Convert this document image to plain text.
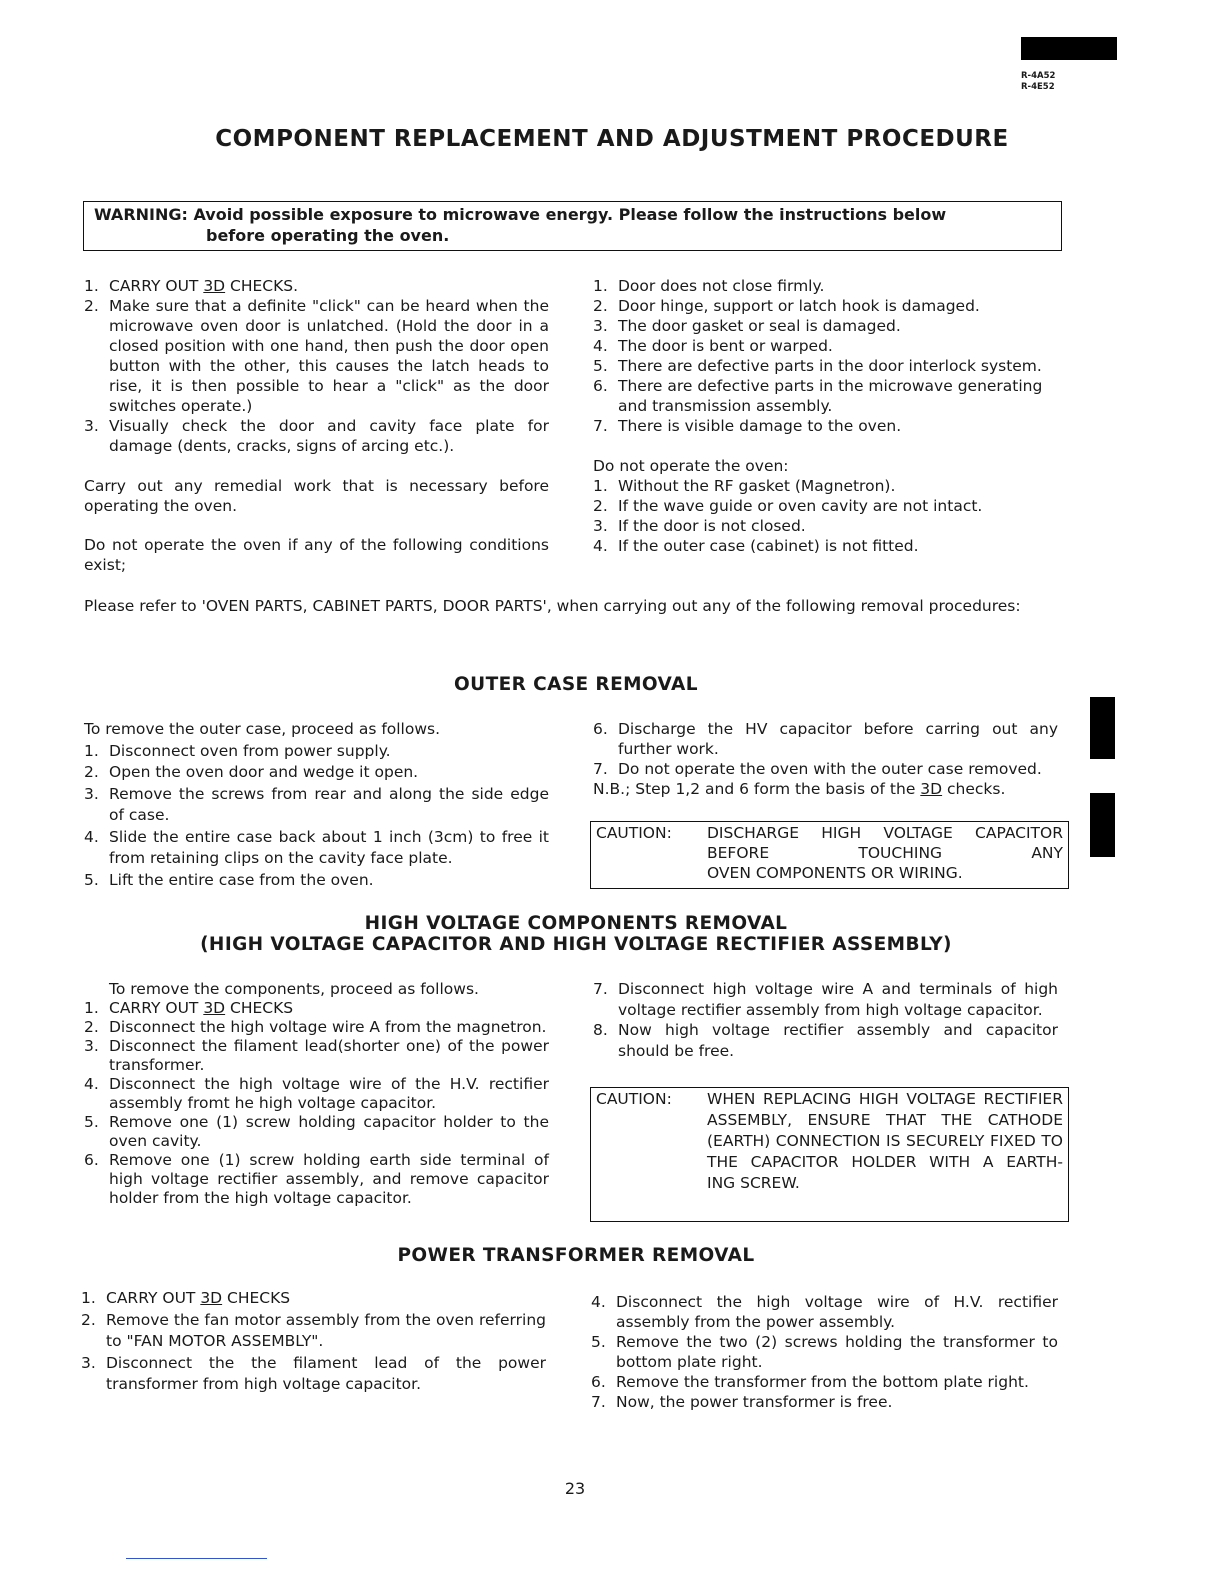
R-4A52
R-4E52
COMPONENT REPLACEMENT AND ADJUSTMENT PROCEDURE
WARNING: Avoid possible exposure to microwave energy. Please follow the instructions below
before operating the oven.
1. CARRY OUT 3D CHECKS.
2. Make sure that a definite "click" can be heard when the microwave oven door is unlatched. (Hold the door in a closed position with one hand, then push the door open button with the other, this causes the latch heads to rise, it is then possible to hear a "click" as the door switches operate.)
3. Visually check the door and cavity face plate for damage (dents, cracks, signs of arcing etc.).

Carry out any remedial work that is necessary before operating the oven.

Do not operate the oven if any of the following conditions exist;

1. Door does not close firmly.
2. Door hinge, support or latch hook is damaged.
3. The door gasket or seal is damaged.
4. The door is bent or warped.
5. There are defective parts in the door interlock system.
6. There are defective parts in the microwave generating and transmission assembly.
7. There is visible damage to the oven.

Do not operate the oven:

1. Without the RF gasket (Magnetron).
2. If the wave guide or oven cavity are not intact.
3. If the door is not closed.
4. If the outer case (cabinet) is not fitted.

Please refer to 'OVEN PARTS, CABINET PARTS, DOOR PARTS', when carrying out any of the following removal procedures:

OUTER CASE REMOVAL

To remove the outer case, proceed as follows.

1. Disconnect oven from power supply.
2. Open the oven door and wedge it open.
3. Remove the screws from rear and along the side edge of case.
4. Slide the entire case back about 1 inch (3cm) to free it from retaining clips on the cavity face plate.
5. Lift the entire case from the oven.
6. Discharge the HV capacitor before carring out any further work.
7. Do not operate the oven with the outer case removed.

N.B.; Step 1,2 and 6 form the basis of the 3D checks.

CAUTION: DISCHARGE HIGH VOLTAGE CAPACITOR BEFORE TOUCHING ANY
OVEN COMPONENTS OR WIRING.
HIGH VOLTAGE COMPONENTS REMOVAL
(HIGH VOLTAGE CAPACITOR AND HIGH VOLTAGE RECTIFIER ASSEMBLY)

To remove the components, proceed as follows.

1. CARRY OUT 3D CHECKS
2. Disconnect the high voltage wire A from the magnetron.
3. Disconnect the filament lead(shorter one) of the power transformer.
4. Disconnect the high voltage wire of the H.V. rectifier assembly fromt he high voltage capacitor.
5. Remove one (1) screw holding capacitor holder to the oven cavity.
6. Remove one (1) screw holding earth side terminal of high voltage rectifier assembly, and remove capacitor holder from the high voltage capacitor.
7. Disconnect high voltage wire A and terminals of high voltage rectifier assembly from high voltage capacitor.
8. Now high voltage rectifier assembly and capacitor should be free.
CAUTION: WHEN REPLACING HIGH VOLTAGE RECTIFIER ASSEMBLY, ENSURE THAT THE CATHODE (EARTH) CONNECTION IS SECURELY FIXED TO THE CAPACITOR HOLDER WITH A EARTH-
ING SCREW.
POWER TRANSFORMER REMOVAL
1. CARRY OUT 3D CHECKS
2. Remove the fan motor assembly from the oven referring to "FAN MOTOR ASSEMBLY".
3. Disconnect the the filament lead of the power transformer from high voltage capacitor.
4. Disconnect the high voltage wire of H.V. rectifier assembly from the power assembly.
5. Remove the two (2) screws holding the transformer to bottom plate right.
6. Remove the transformer from the bottom plate right.
7. Now, the power transformer is free.
23
